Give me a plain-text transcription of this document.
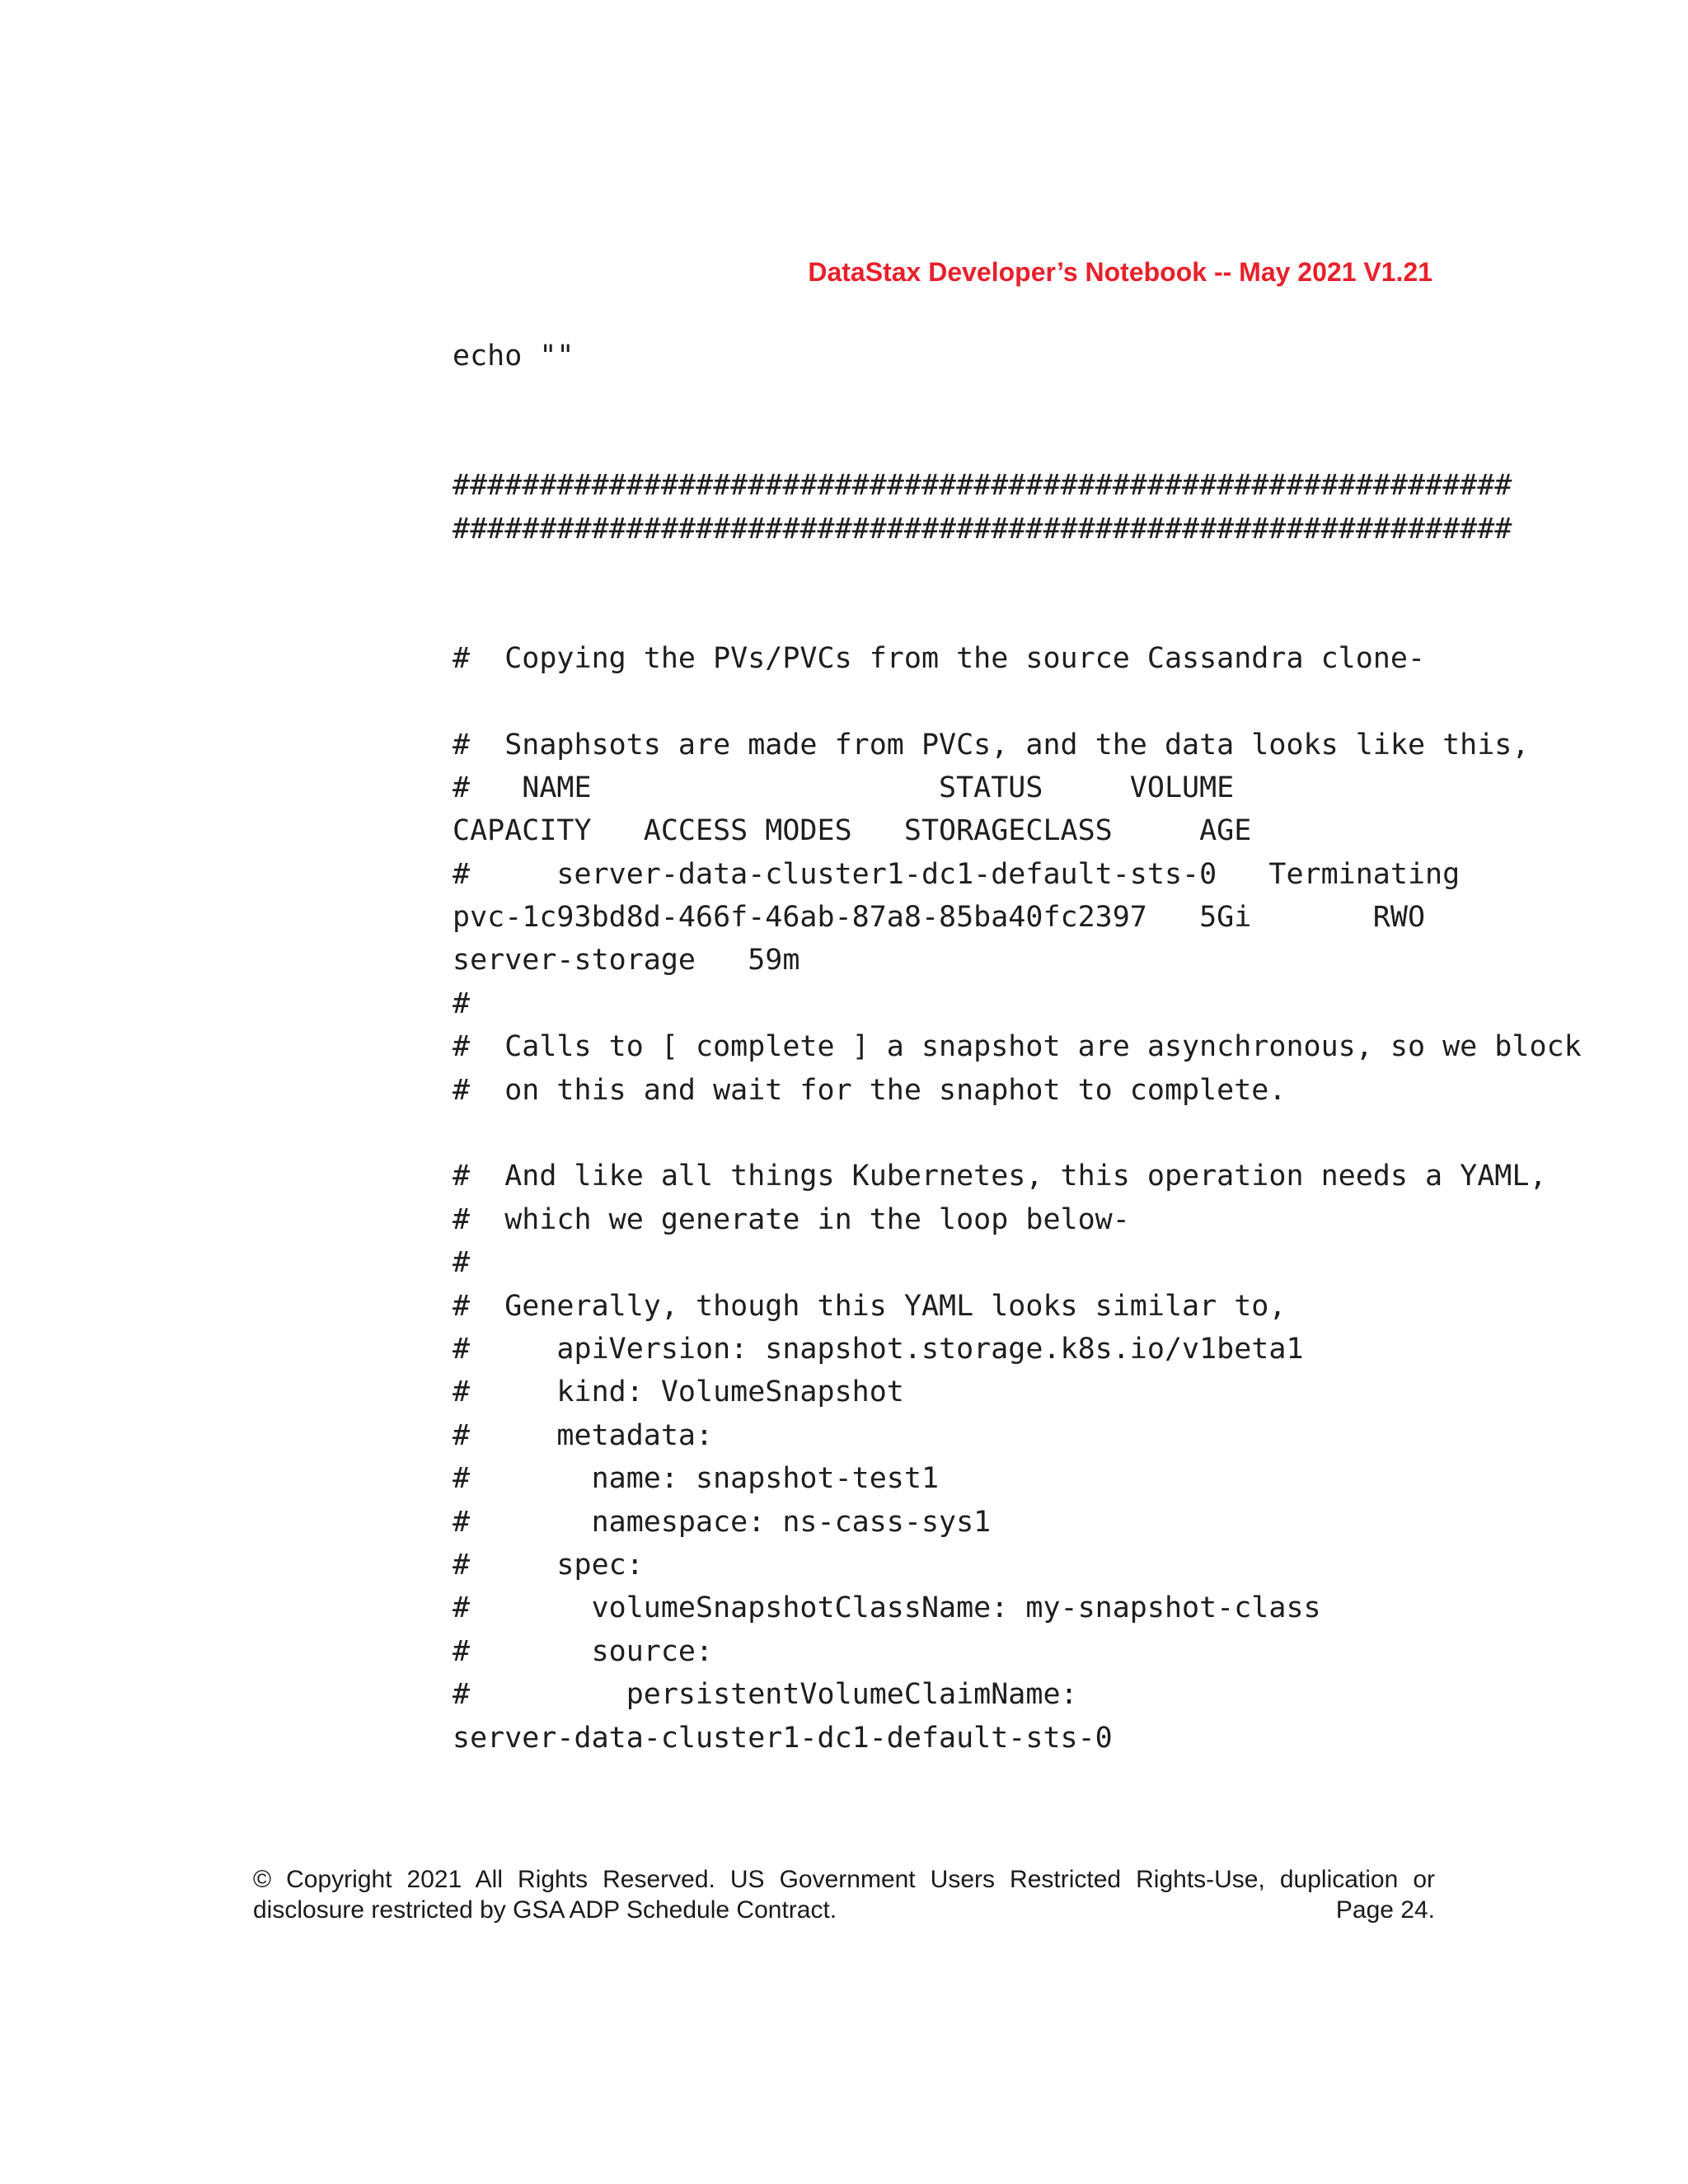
DataStax Developer’s Notebook -- May 2021 V1.21
echo ""
#############################################################
#############################################################
#  Copying the PVs/PVCs from the source Cassandra clone-
#  Snaphsots are made from PVCs, and the data looks like this,
#   NAME                    STATUS     VOLUME
CAPACITY   ACCESS MODES   STORAGECLASS     AGE
#     server-data-cluster1-dc1-default-sts-0   Terminating
pvc-1c93bd8d-466f-46ab-87a8-85ba40fc2397   5Gi       RWO
server-storage   59m
#
#  Calls to [ complete ] a snapshot are asynchronous, so we block
#  on this and wait for the snaphot to complete.
#  And like all things Kubernetes, this operation needs a YAML,
#  which we generate in the loop below-
#
#  Generally, though this YAML looks similar to,
#     apiVersion: snapshot.storage.k8s.io/v1beta1
#     kind: VolumeSnapshot
#     metadata:
#       name: snapshot-test1
#       namespace: ns-cass-sys1
#     spec:
#       volumeSnapshotClassName: my-snapshot-class
#       source:
#         persistentVolumeClaimName:
server-data-cluster1-dc1-default-sts-0
© Copyright 2021 All Rights Reserved. US Government Users Restricted Rights-Use, duplication or
disclosure restricted by GSA ADP Schedule Contract.	Page 24.
